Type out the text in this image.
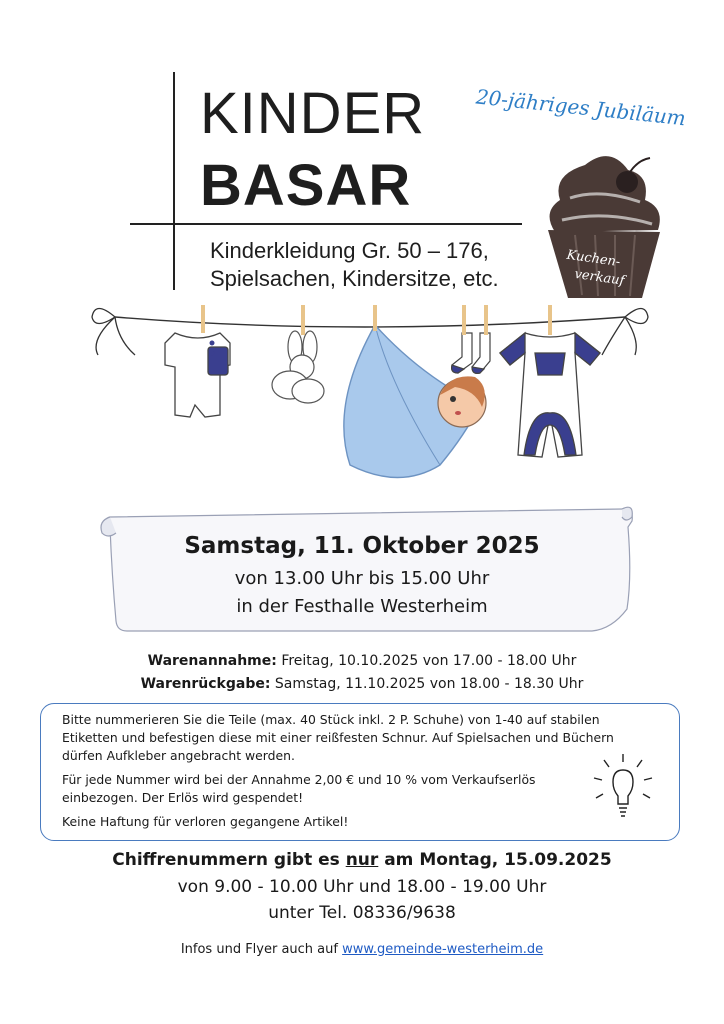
KINDER
BASAR
Kinderkleidung Gr. 50 – 176,
Spielsachen, Kindersitze, etc.
20-jähriges Jubiläum
Kuchen-
verkauf
Samstag, 11. Oktober 2025
von 13.00 Uhr bis 15.00 Uhr
in der Festhalle Westerheim
Warenannahme: Freitag, 10.10.2025 von 17.00 - 18.00 Uhr
Warenrückgabe: Samstag, 11.10.2025 von 18.00 - 18.30 Uhr
Bitte nummerieren Sie die Teile (max. 40 Stück inkl. 2 P. Schuhe) von 1-40 auf stabilen
Etiketten und befestigen diese mit einer reißfesten Schnur. Auf Spielsachen und Büchern
dürfen Aufkleber angebracht werden.
Für jede Nummer wird bei der Annahme 2,00 € und 10 % vom Verkaufserlös
einbezogen. Der Erlös wird gespendet!
Keine Haftung für verloren gegangene Artikel!
Chiffrenummern gibt es nur am Montag, 15.09.2025
von 9.00 - 10.00 Uhr und 18.00 - 19.00 Uhr
unter Tel. 08336/9638
Infos und Flyer auch auf www.gemeinde-westerheim.de
